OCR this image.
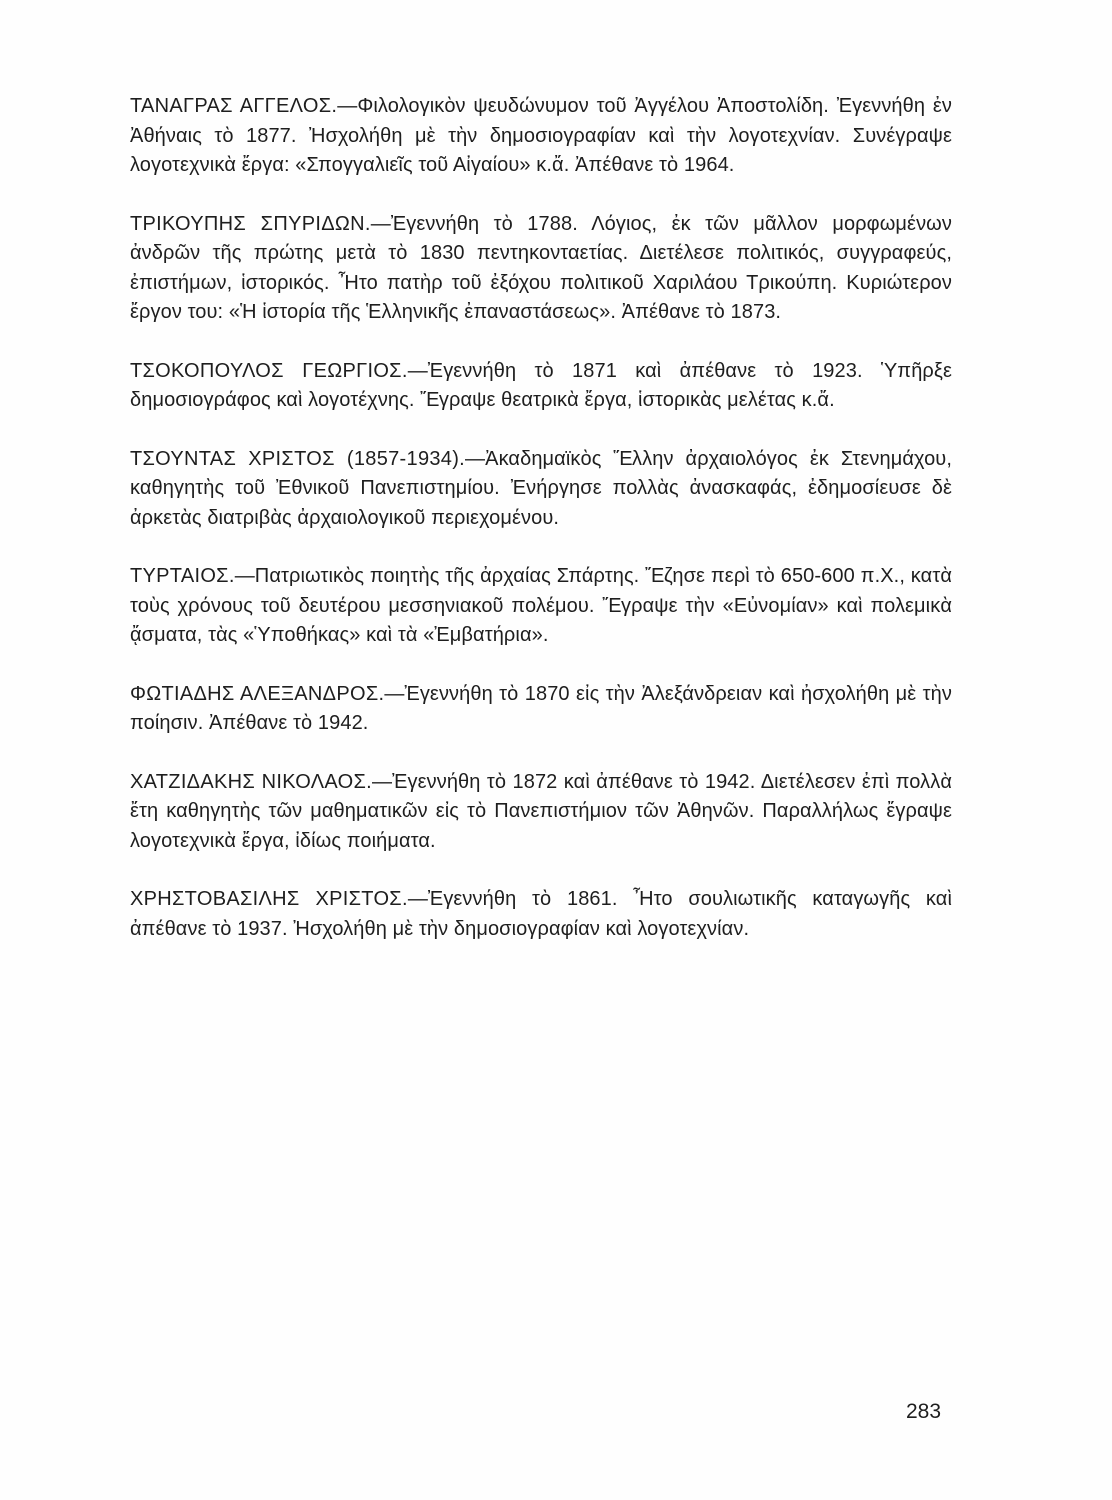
ΤΑΝΑΓΡΑΣ ΑΓΓΕΛΟΣ.—Φιλολογικὸν ψευδώνυμον τοῦ Ἀγγέλου Ἀποστολίδη. Ἐγεννήθη ἐν Ἀθήναις τὸ 1877. Ἠσχολήθη μὲ τὴν δημοσιογραφίαν καὶ τὴν λογοτεχνίαν. Συνέγραψε λογοτεχνικὰ ἔργα: «Σπογγαλιεῖς τοῦ Αἰγαίου» κ.ἄ. Ἀπέθανε τὸ 1964.

ΤΡΙΚΟΥΠΗΣ ΣΠΥΡΙΔΩΝ.—Ἐγεννήθη τὸ 1788. Λόγιος, ἐκ τῶν μᾶλλον μορφωμένων ἀνδρῶν τῆς πρώτης μετὰ τὸ 1830 πεντηκονταετίας. Διετέλεσε πολιτικός, συγγραφεύς, ἐπιστήμων, ἱστορικός. Ἦτο πατὴρ τοῦ ἐξόχου πολιτικοῦ Χαριλάου Τρικούπη. Κυριώτερον ἔργον του: «Ἡ ἱστορία τῆς Ἑλληνικῆς ἐπαναστάσεως». Ἀπέθανε τὸ 1873.

ΤΣΟΚΟΠΟΥΛΟΣ ΓΕΩΡΓΙΟΣ.—Ἐγεννήθη τὸ 1871 καὶ ἀπέθανε τὸ 1923. Ὑπῆρξε δημοσιογράφος καὶ λογοτέχνης. Ἔγραψε θεατρικὰ ἔργα, ἱστορικὰς μελέτας κ.ἄ.

ΤΣΟΥΝΤΑΣ ΧΡΙΣΤΟΣ (1857-1934).—Ἀκαδημαϊκὸς Ἕλλην ἀρχαιολόγος ἐκ Στενημάχου, καθηγητὴς τοῦ Ἐθνικοῦ Πανεπιστημίου. Ἐνήργησε πολλὰς ἀνασκαφάς, ἐδημοσίευσε δὲ ἀρκετὰς διατριβὰς ἀρχαιολογικοῦ περιεχομένου.

ΤΥΡΤΑΙΟΣ.—Πατριωτικὸς ποιητὴς τῆς ἀρχαίας Σπάρτης. Ἔζησε περὶ τὸ 650-600 π.Χ., κατὰ τοὺς χρόνους τοῦ δευτέρου μεσσηνιακοῦ πολέμου. Ἔγραψε τὴν «Εὐνομίαν» καὶ πολεμικὰ ᾄσματα, τὰς «Ὑποθήκας» καὶ τὰ «Ἐμβατήρια».

ΦΩΤΙΑΔΗΣ ΑΛΕΞΑΝΔΡΟΣ.—Ἐγεννήθη τὸ 1870 εἰς τὴν Ἀλεξάνδρειαν καὶ ἠσχολήθη μὲ τὴν ποίησιν. Ἀπέθανε τὸ 1942.

ΧΑΤΖΙΔΑΚΗΣ ΝΙΚΟΛΑΟΣ.—Ἐγεννήθη τὸ 1872 καὶ ἀπέθανε τὸ 1942. Διετέλεσεν ἐπὶ πολλὰ ἔτη καθηγητὴς τῶν μαθηματικῶν εἰς τὸ Πανεπιστήμιον τῶν Ἀθηνῶν. Παραλλήλως ἔγραψε λογοτεχνικὰ ἔργα, ἰδίως ποιήματα.

ΧΡΗΣΤΟΒΑΣΙΛΗΣ ΧΡΙΣΤΟΣ.—Ἐγεννήθη τὸ 1861. Ἦτο σουλιωτικῆς καταγωγῆς καὶ ἀπέθανε τὸ 1937. Ἠσχολήθη μὲ τὴν δημοσιογραφίαν καὶ λογοτεχνίαν.

283
